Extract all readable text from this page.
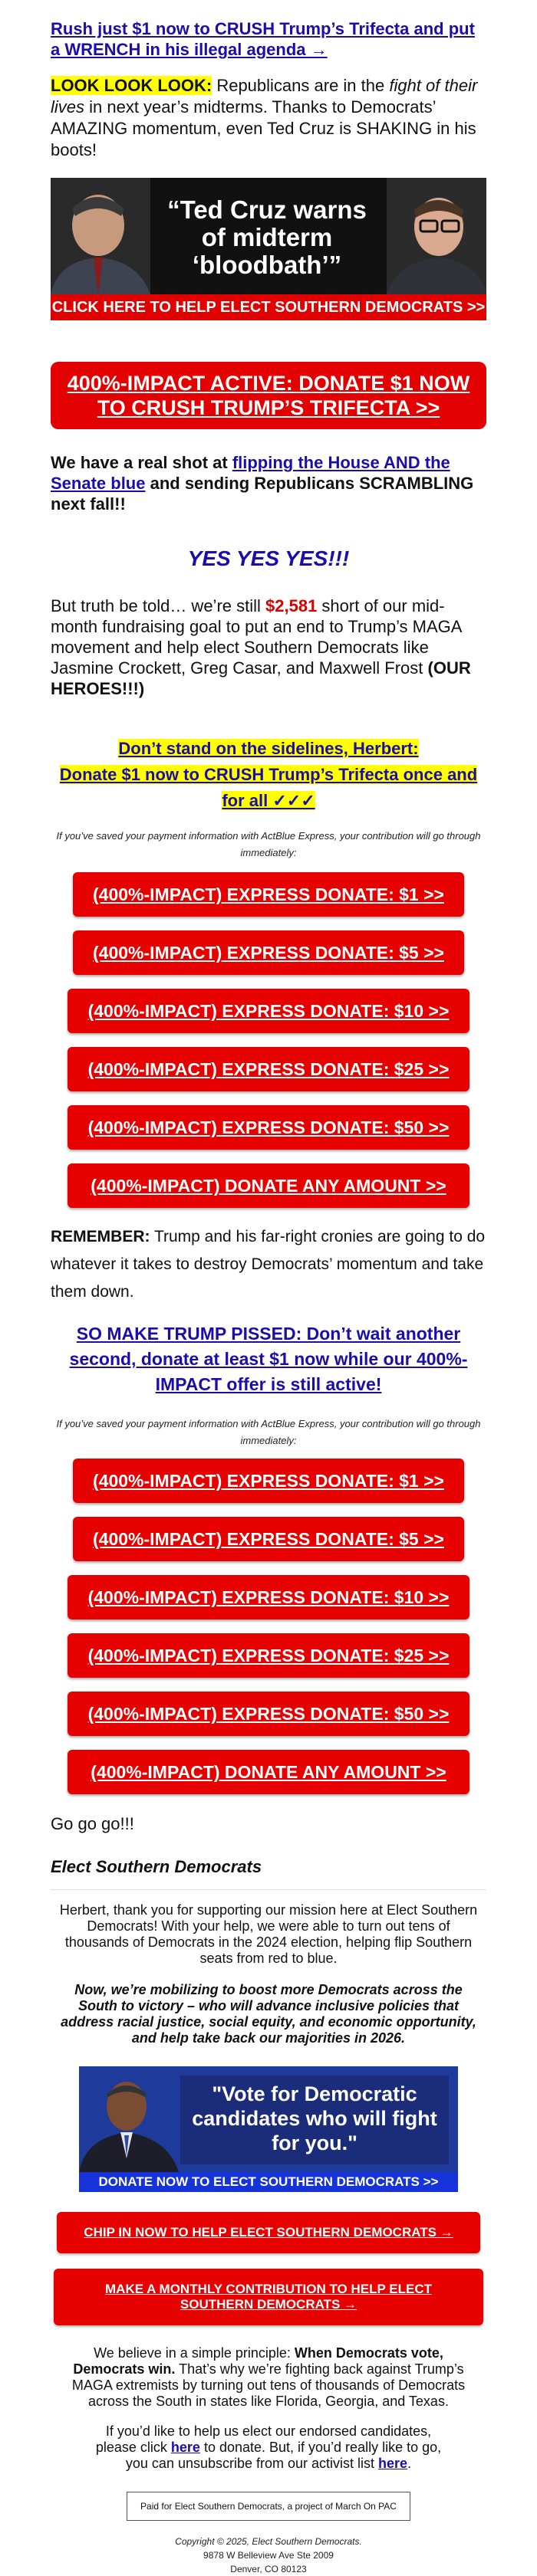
Rush just $1 now to CRUSH Trump’s Trifecta and put a WRENCH in his illegal agenda →

LOOK LOOK LOOK: Republicans are in the fight of their lives in next year’s midterms. Thanks to Democrats’ AMAZING momentum, even Ted Cruz is SHAKING in his boots!

“Ted Cruz warns of midterm ‘bloodbath’”
CLICK HERE TO HELP ELECT SOUTHERN DEMOCRATS >>
400%-IMPACT ACTIVE: DONATE $1 NOW TO CRUSH TRUMP’S TRIFECTA >>

We have a real shot at flipping the House AND the Senate blue and sending Republicans SCRAMBLING next fall!!

YES YES YES!!!

But truth be told… we’re still $2,581 short of our mid-month fundraising goal to put an end to Trump’s MAGA movement and help elect Southern Democrats like Jasmine Crockett, Greg Casar, and Maxwell Frost (OUR HEROES!!!)

Don’t stand on the sidelines, Herbert:
Donate $1 now to CRUSH Trump’s Trifecta once and for all ✓✓✓

If you’ve saved your payment information with ActBlue Express, your contribution will go through immediately:

(400%-IMPACT) EXPRESS DONATE: $1 >>
(400%-IMPACT) EXPRESS DONATE: $5 >>
(400%-IMPACT) EXPRESS DONATE: $10 >>
(400%-IMPACT) EXPRESS DONATE: $25 >>
(400%-IMPACT) EXPRESS DONATE: $50 >>
(400%-IMPACT) DONATE ANY AMOUNT >>

REMEMBER: Trump and his far-right cronies are going to do whatever it takes to destroy Democrats’ momentum and take them down.

SO MAKE TRUMP PISSED: Don’t wait another second, donate at least $1 now while our 400%-IMPACT offer is still active!

If you’ve saved your payment information with ActBlue Express, your contribution will go through immediately:

(400%-IMPACT) EXPRESS DONATE: $1 >>
(400%-IMPACT) EXPRESS DONATE: $5 >>
(400%-IMPACT) EXPRESS DONATE: $10 >>
(400%-IMPACT) EXPRESS DONATE: $25 >>
(400%-IMPACT) EXPRESS DONATE: $50 >>
(400%-IMPACT) DONATE ANY AMOUNT >>

Go go go!!!

Elect Southern Democrats

Herbert, thank you for supporting our mission here at Elect Southern Democrats! With your help, we were able to turn out tens of thousands of Democrats in the 2024 election, helping flip Southern seats from red to blue.

Now, we’re mobilizing to boost more Democrats across the South to victory – who will advance inclusive policies that address racial justice, social equity, and economic opportunity, and help take back our majorities in 2026.

"Vote for Democratic candidates who will fight for you."
DONATE NOW TO ELECT SOUTHERN DEMOCRATS >>
CHIP IN NOW TO HELP ELECT SOUTHERN DEMOCRATS →
MAKE A MONTHLY CONTRIBUTION TO HELP ELECT SOUTHERN DEMOCRATS →

We believe in a simple principle: When Democrats vote, Democrats win. That’s why we’re fighting back against Trump’s MAGA extremists by turning out tens of thousands of Democrats across the South in states like Florida, Georgia, and Texas.

If you’d like to help us elect our endorsed candidates, please click here to donate. But, if you’d really like to go, you can unsubscribe from our activist list here.

Paid for Elect Southern Democrats, a project of March On PAC
Copyright © 2025, Elect Southern Democrats.
9878 W Belleview Ave Ste 2009
Denver, CO 80123
